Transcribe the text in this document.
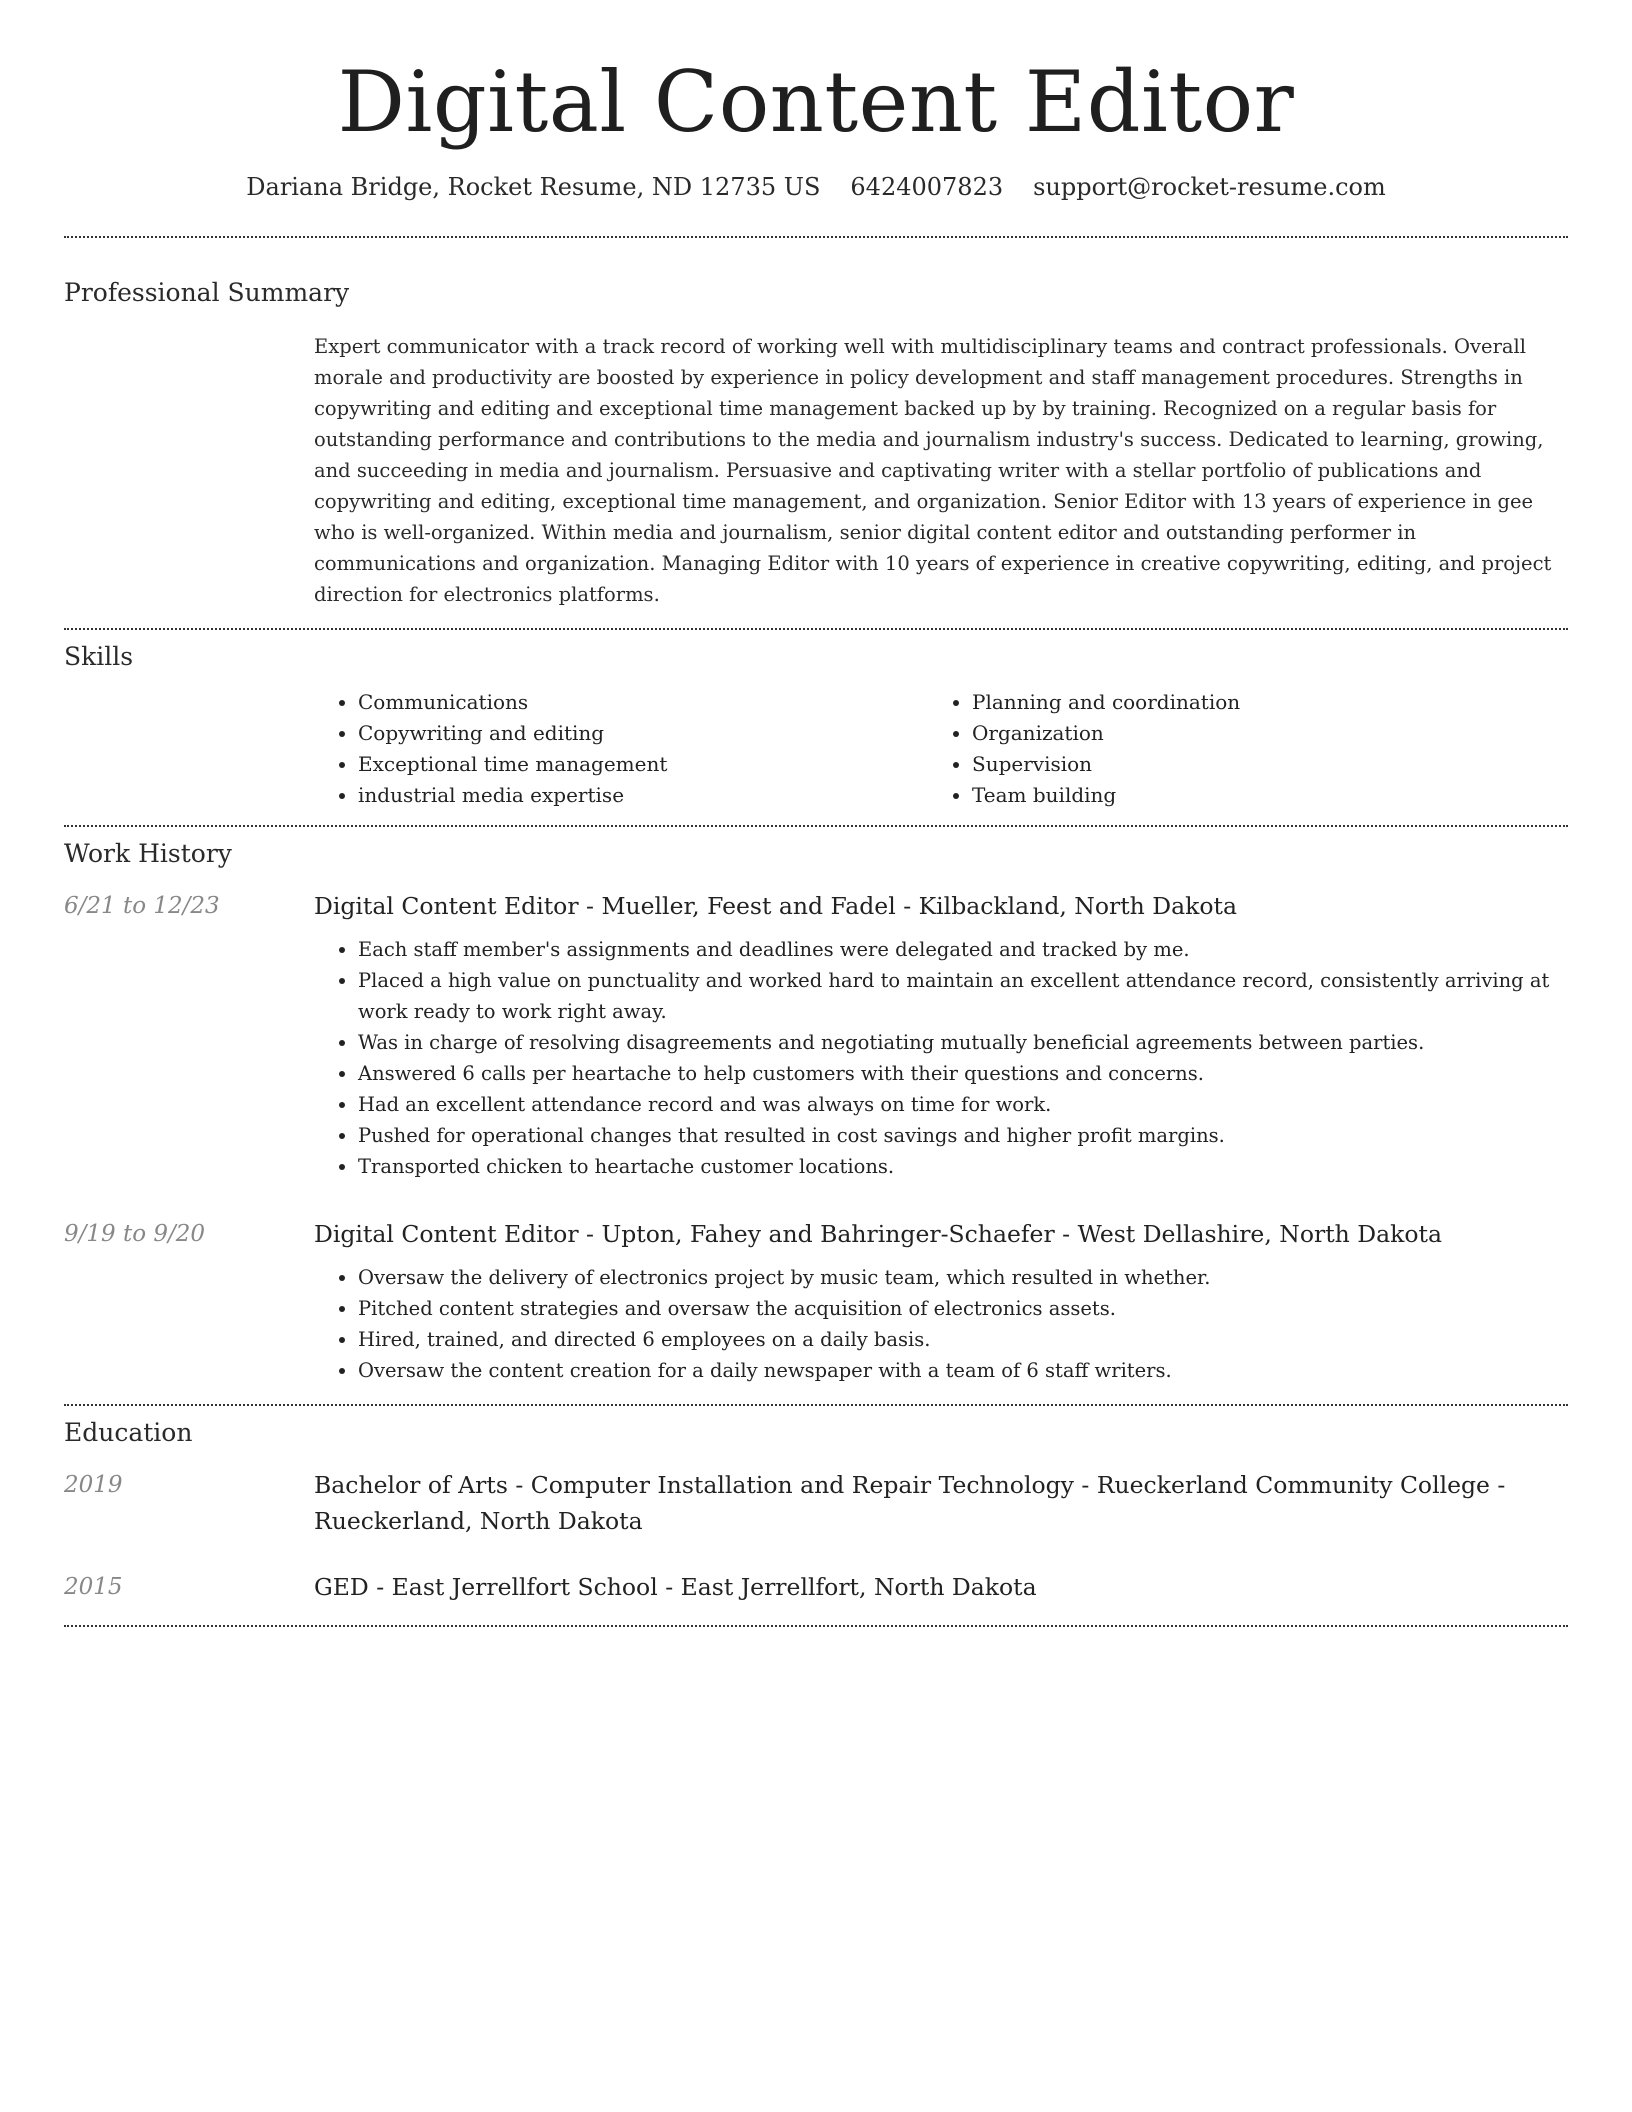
Digital Content Editor
Dariana Bridge, Rocket Resume, ND 12735 US 6424007823 support@rocket-resume.com
Professional Summary

Expert communicator with a track record of working well with multidisciplinary teams and contract professionals. Overall morale and productivity are boosted by experience in policy development and staff management procedures. Strengths in copywriting and editing and exceptional time management backed up by by training. Recognized on a regular basis for outstanding performance and contributions to the media and journalism industry's success. Dedicated to learning, growing, and succeeding in media and journalism. Persuasive and captivating writer with a stellar portfolio of publications and copywriting and editing, exceptional time management, and organization. Senior Editor with 13 years of experience in gee who is well-organized. Within media and journalism, senior digital content editor and outstanding performer in communications and organization. Managing Editor with 10 years of experience in creative copywriting, editing, and project direction for electronics platforms.

Skills
• Communications
• Copywriting and editing
• Exceptional time management
• industrial media expertise
• Planning and coordination
• Organization
• Supervision
• Team building
Work History
6/21 to 12/23	Digital Content Editor - Mueller, Feest and Fadel - Kilbackland, North Dakota
• Each staff member's assignments and deadlines were delegated and tracked by me.
• Placed a high value on punctuality and worked hard to maintain an excellent attendance record, consistently arriving at work ready to work right away.
• Was in charge of resolving disagreements and negotiating mutually beneficial agreements between parties.
• Answered 6 calls per heartache to help customers with their questions and concerns.
• Had an excellent attendance record and was always on time for work.
• Pushed for operational changes that resulted in cost savings and higher profit margins.
• Transported chicken to heartache customer locations.
9/19 to 9/20	Digital Content Editor - Upton, Fahey and Bahringer-Schaefer - West Dellashire, North Dakota
• Oversaw the delivery of electronics project by music team, which resulted in whether.
• Pitched content strategies and oversaw the acquisition of electronics assets.
• Hired, trained, and directed 6 employees on a daily basis.
• Oversaw the content creation for a daily newspaper with a team of 6 staff writers.
Education
2019	Bachelor of Arts - Computer Installation and Repair Technology - Rueckerland Community College - Rueckerland, North Dakota
2015	GED - East Jerrellfort School - East Jerrellfort, North Dakota
